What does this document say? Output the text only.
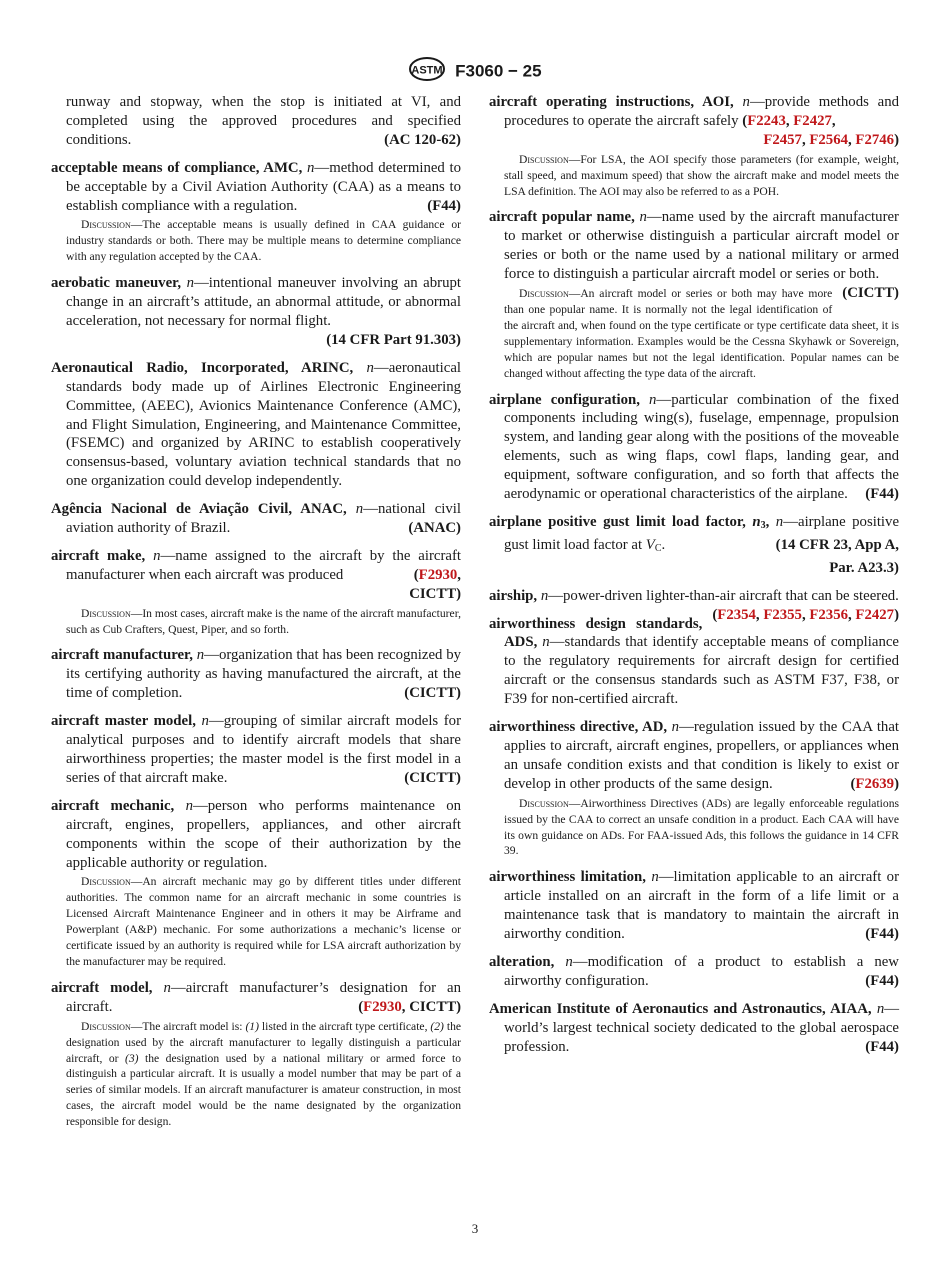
ASTM F3060 − 25
runway and stopway, when the stop is initiated at VI, and completed using the approved procedures and specified conditions.	(AC 120-62)
acceptable means of compliance, AMC, n—method determined to be acceptable by a Civil Aviation Authority (CAA) as a means to establish compliance with a regulation.	(F44)
Discussion—The acceptable means is usually defined in CAA guidance or industry standards or both. There may be multiple means to determine compliance with any regulation accepted by the CAA.
aerobatic maneuver, n—intentional maneuver involving an abrupt change in an aircraft’s attitude, an abnormal attitude, or abnormal acceleration, not necessary for normal flight.
(14 CFR Part 91.303)
Aeronautical Radio, Incorporated, ARINC, n—aeronautical standards body made up of Airlines Electronic Engineering Committee, (AEEC), Avionics Maintenance Conference (AMC), and Flight Simulation, Engineering, and Maintenance Committee, (FSEMC) and organized by ARINC to establish cooperatively consensus-based, voluntary aviation technical standards that no one organization could develop independently.
Agência Nacional de Aviação Civil, ANAC, n—national civil aviation authority of Brazil.	(ANAC)
aircraft make, n—name assigned to the aircraft by the aircraft manufacturer when each aircraft was produced	(F2930,
CICTT)
Discussion—In most cases, aircraft make is the name of the aircraft manufacturer, such as Cub Crafters, Quest, Piper, and so forth.
aircraft manufacturer, n—organization that has been recognized by its certifying authority as having manufactured the aircraft, at the time of completion.	(CICTT)
aircraft master model, n—grouping of similar aircraft models for analytical purposes and to identify aircraft models that share airworthiness properties; the master model is the first model in a series of that aircraft make.	(CICTT)
aircraft mechanic, n—person who performs maintenance on aircraft, engines, propellers, appliances, and other aircraft components within the scope of their authorization by the applicable authority or regulation.
Discussion—An aircraft mechanic may go by different titles under different authorities. The common name for an aircraft mechanic in some countries is Licensed Aircraft Maintenance Engineer and in others it may be Airframe and Powerplant (A&P) mechanic. For some authorizations a mechanic’s license or certificate issued by an authority is required while for LSA aircraft authorization by the manufacturer may be required.
aircraft model, n—aircraft manufacturer’s designation for an aircraft.	(F2930, CICTT)
Discussion—The aircraft model is: (1) listed in the aircraft type certificate, (2) the designation used by the aircraft manufacturer to legally distinguish a particular aircraft, or (3) the designation used by a national military or armed force to distinguish a particular aircraft. It is usually a model number that may be part of a series of similar models. If an aircraft manufacturer is amateur construction, in most cases, the aircraft model would be the name designated by the organization responsible for design.
aircraft operating instructions, AOI, n—provide methods and procedures to operate the aircraft safely (F2243, F2427,
F2457, F2564, F2746)
Discussion—For LSA, the AOI specify those parameters (for example, weight, stall speed, and maximum speed) that show the aircraft make and model meets the LSA definition. The AOI may also be referred to as a POH.
aircraft popular name, n—name used by the aircraft manufacturer to market or otherwise distinguish a particular aircraft model or series or both or the name used by a national military or armed force to distinguish a particular aircraft model or series or both.
(CICTT)
Discussion—An aircraft model or series or both may have more than one popular name. It is normally not the legal identification of the aircraft and, when found on the type certificate or type certificate data sheet, it is supplementary information. Examples would be the Cessna Skyhawk or Sovereign, which are popular names but not the legal identification. Popular names can be changed without affecting the type data of the aircraft.
airplane configuration, n—particular combination of the fixed components including wing(s), fuselage, empennage, propulsion system, and landing gear along with the positions of the moveable elements, such as wing flaps, cowl flaps, landing gear, and equipment, software configuration, and so forth that affects the aerodynamic or operational characteristics of the airplane. (F44)
airplane positive gust limit load factor, $n_3$, n—airplane positive gust limit load factor at $V_C$.	(14 CFR 23, App A,
Par. A23.3)
airship, n—power-driven lighter-than-air aircraft that can be steered.
(F2354, F2355, F2356, F2427)
airworthiness design standards, ADS, n—standards that identify acceptable means of compliance to the regulatory requirements for aircraft design for certified aircraft or the consensus standards such as ASTM F37, F38, or F39 for non-certified aircraft.
airworthiness directive, AD, n—regulation issued by the CAA that applies to aircraft, aircraft engines, propellers, or appliances when an unsafe condition exists and that condition is likely to exist or develop in other products of the same design.	(F2639)
Discussion—Airworthiness Directives (ADs) are legally enforceable regulations issued by the CAA to correct an unsafe condition in a product. Each CAA will have its own guidance on ADs. For FAA-issued Ads, this follows the guidance in 14 CFR 39.
airworthiness limitation, n—limitation applicable to an aircraft or article installed on an aircraft in the form of a life limit or a maintenance task that is mandatory to maintain the aircraft in airworthy condition.	(F44)
alteration, n—modification of a product to establish a new airworthy configuration.	(F44)
American Institute of Aeronautics and Astronautics, AIAA, n—world’s largest technical society dedicated to the global aerospace profession.	(F44)
3
